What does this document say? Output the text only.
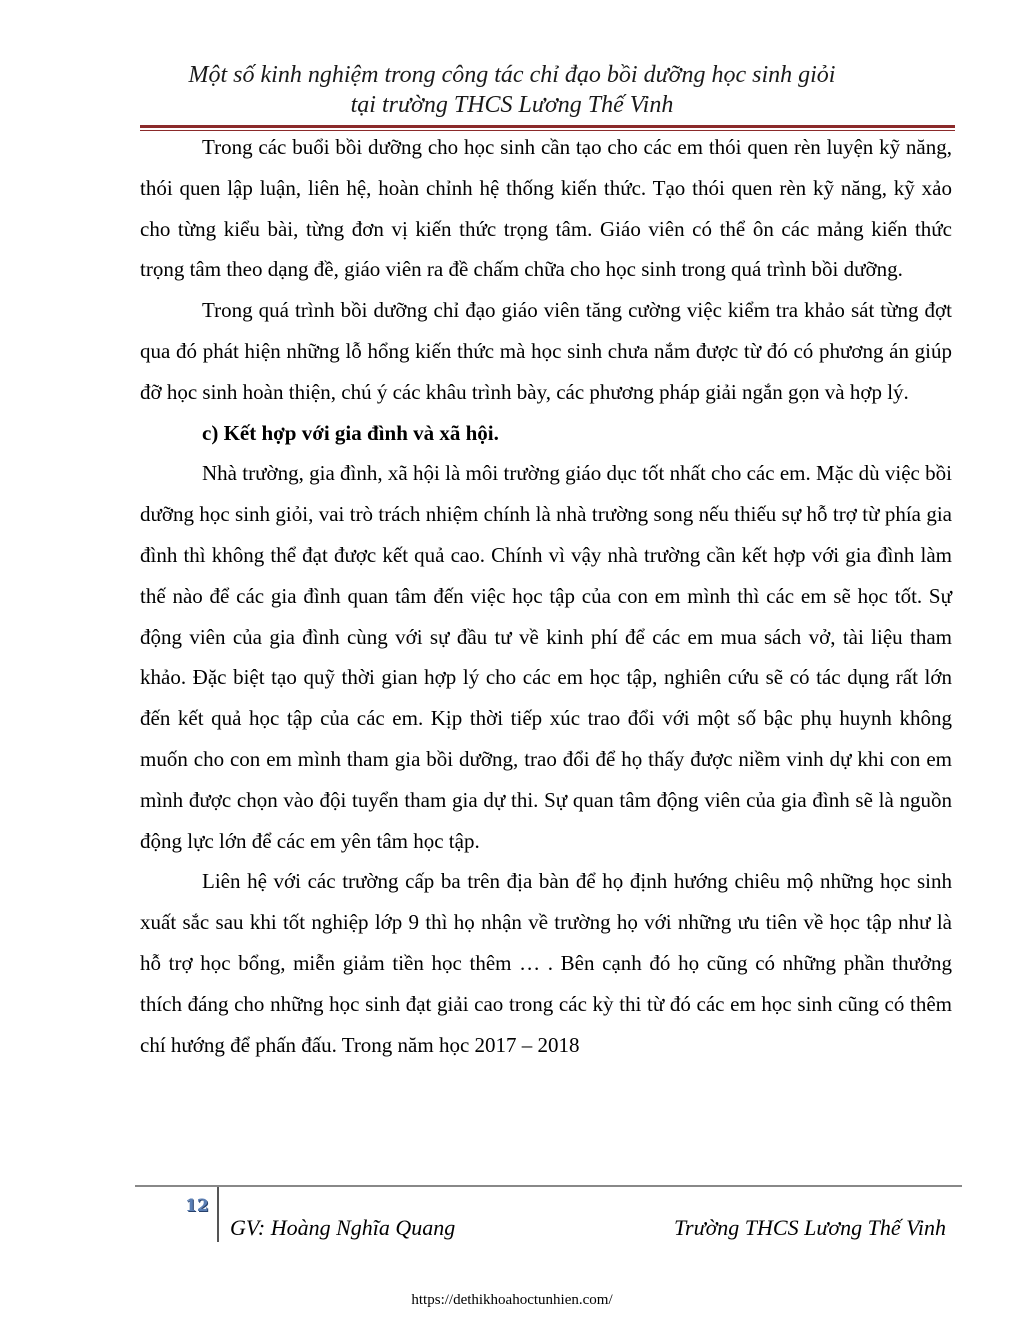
Một số kinh nghiệm trong công tác chỉ đạo bồi dưỡng học sinh giỏi
tại trường THCS Lương Thế Vinh

Trong các buổi bồi dưỡng cho học sinh cần tạo cho các em thói quen rèn luyện kỹ năng, thói quen lập luận, liên hệ, hoàn chỉnh hệ thống kiến thức. Tạo thói quen rèn kỹ năng, kỹ xảo cho từng kiểu bài, từng đơn vị kiến thức trọng tâm. Giáo viên có thể ôn các mảng kiến thức trọng tâm theo dạng đề, giáo viên ra đề chấm chữa cho học sinh trong quá trình bồi dưỡng.

Trong quá trình bồi dưỡng chỉ đạo giáo viên tăng cường việc kiểm tra khảo sát từng đợt qua đó phát hiện những lỗ hổng kiến thức mà học sinh chưa nắm được từ đó có phương án giúp đỡ học sinh hoàn thiện, chú ý các khâu trình bày, các phương pháp giải ngắn gọn và hợp lý.

c) Kết hợp với gia đình và xã hội.

Nhà trường, gia đình, xã hội là môi trường giáo dục tốt nhất cho các em. Mặc dù việc bồi dưỡng học sinh giỏi, vai trò trách nhiệm chính là nhà trường song nếu thiếu sự hỗ trợ từ phía gia đình thì không thể đạt được kết quả cao. Chính vì vậy nhà trường cần kết hợp với gia đình làm thế nào để các gia đình quan tâm đến việc học tập của con em mình thì các em sẽ học tốt. Sự động viên của gia đình cùng với sự đầu tư về kinh phí để các em mua sách vở, tài liệu tham khảo. Đặc biệt tạo quỹ thời gian hợp lý cho các em học tập, nghiên cứu sẽ có tác dụng rất lớn đến kết quả học tập của các em. Kịp thời tiếp xúc trao đổi với một số bậc phụ huynh không muốn cho con em mình tham gia bồi dưỡng, trao đổi để họ thấy được niềm vinh dự khi con em mình được chọn vào đội tuyển tham gia dự thi. Sự quan tâm động viên của gia đình sẽ là nguồn động lực lớn để các em yên tâm học tập.

Liên hệ với các trường cấp ba trên địa bàn để họ định hướng chiêu mộ những học sinh xuất sắc sau khi tốt nghiệp lớp 9 thì họ nhận về trường họ với những ưu tiên về học tập như là hỗ trợ học bổng, miễn giảm tiền học thêm … . Bên cạnh đó họ cũng có những phần thưởng thích đáng cho những học sinh đạt giải cao trong các kỳ thi từ đó các em học sinh cũng có thêm chí hướng để phấn đấu. Trong năm học 2017 – 2018

12
GV: Hoàng Nghĩa Quang	Trường THCS Lương Thế Vinh
https://dethikhoahoctunhien.com/
